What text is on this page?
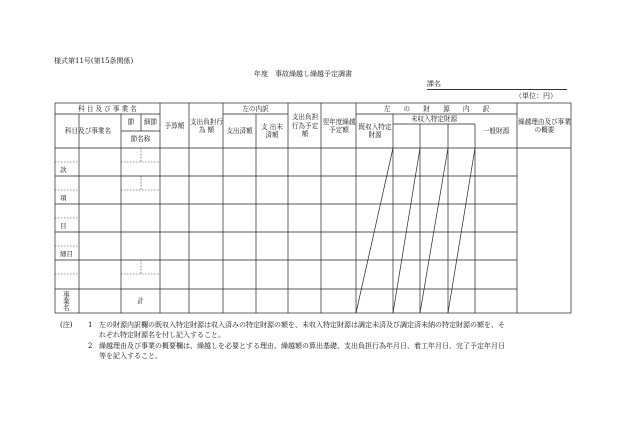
様式第11号(第15条関係)
年度　事故繰越し繰越予定調書
課名
（単位：円）
科 目 及 び 事 業 名
科目及び事業名
節	細節
節名称
予算額
支出負担行 為 額
左の内訳
支出済額
支 出未済額
支出負担行為予定額
翌年度繰越予定額
左　　の　　財　　源　　内　　訳
既収入特定財源
未収入特定財源
一般財源
繰越理由及び事業の概要
款
項
目
細目
事業名	計
(注) 1 左の財源内訳欄の既収入特定財源は収入済みの特定財源の額を、未収入特定財源は調定未済及び調定済未納の特定財源の額を、そ
れぞれ特定財源名を付し記入すること。
2 繰越理由及び事業の概要欄は、繰越しを必要とする理由、繰越額の算出基礎、支出負担行為年月日、着工年月日、完了予定年月日
等を記入すること。
